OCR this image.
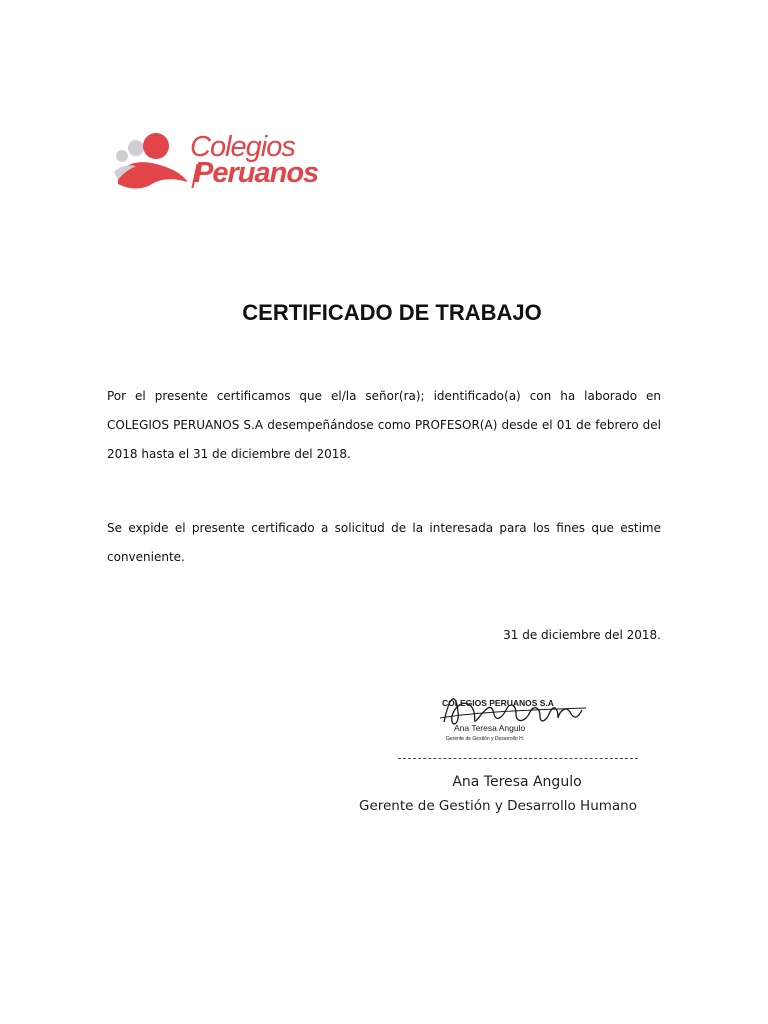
Colegios
Peruanos
CERTIFICADO DE TRABAJO
Por el presente certificamos que el/la señor(ra); identificado(a) con ha laborado en COLEGIOS PERUANOS S.A desempeñándose como PROFESOR(A) desde el 01 de febrero del 2018 hasta el 31 de diciembre del 2018.
Se expide el presente certificado a solicitud de la interesada para los fines que estime conveniente.
31 de diciembre del 2018.
COLEGIOS PERUANOS S.A
Ana Teresa Angulo
Gerente de Gestión y Desarrollo H.
Ana Teresa Angulo
Gerente de Gestión y Desarrollo Humano
